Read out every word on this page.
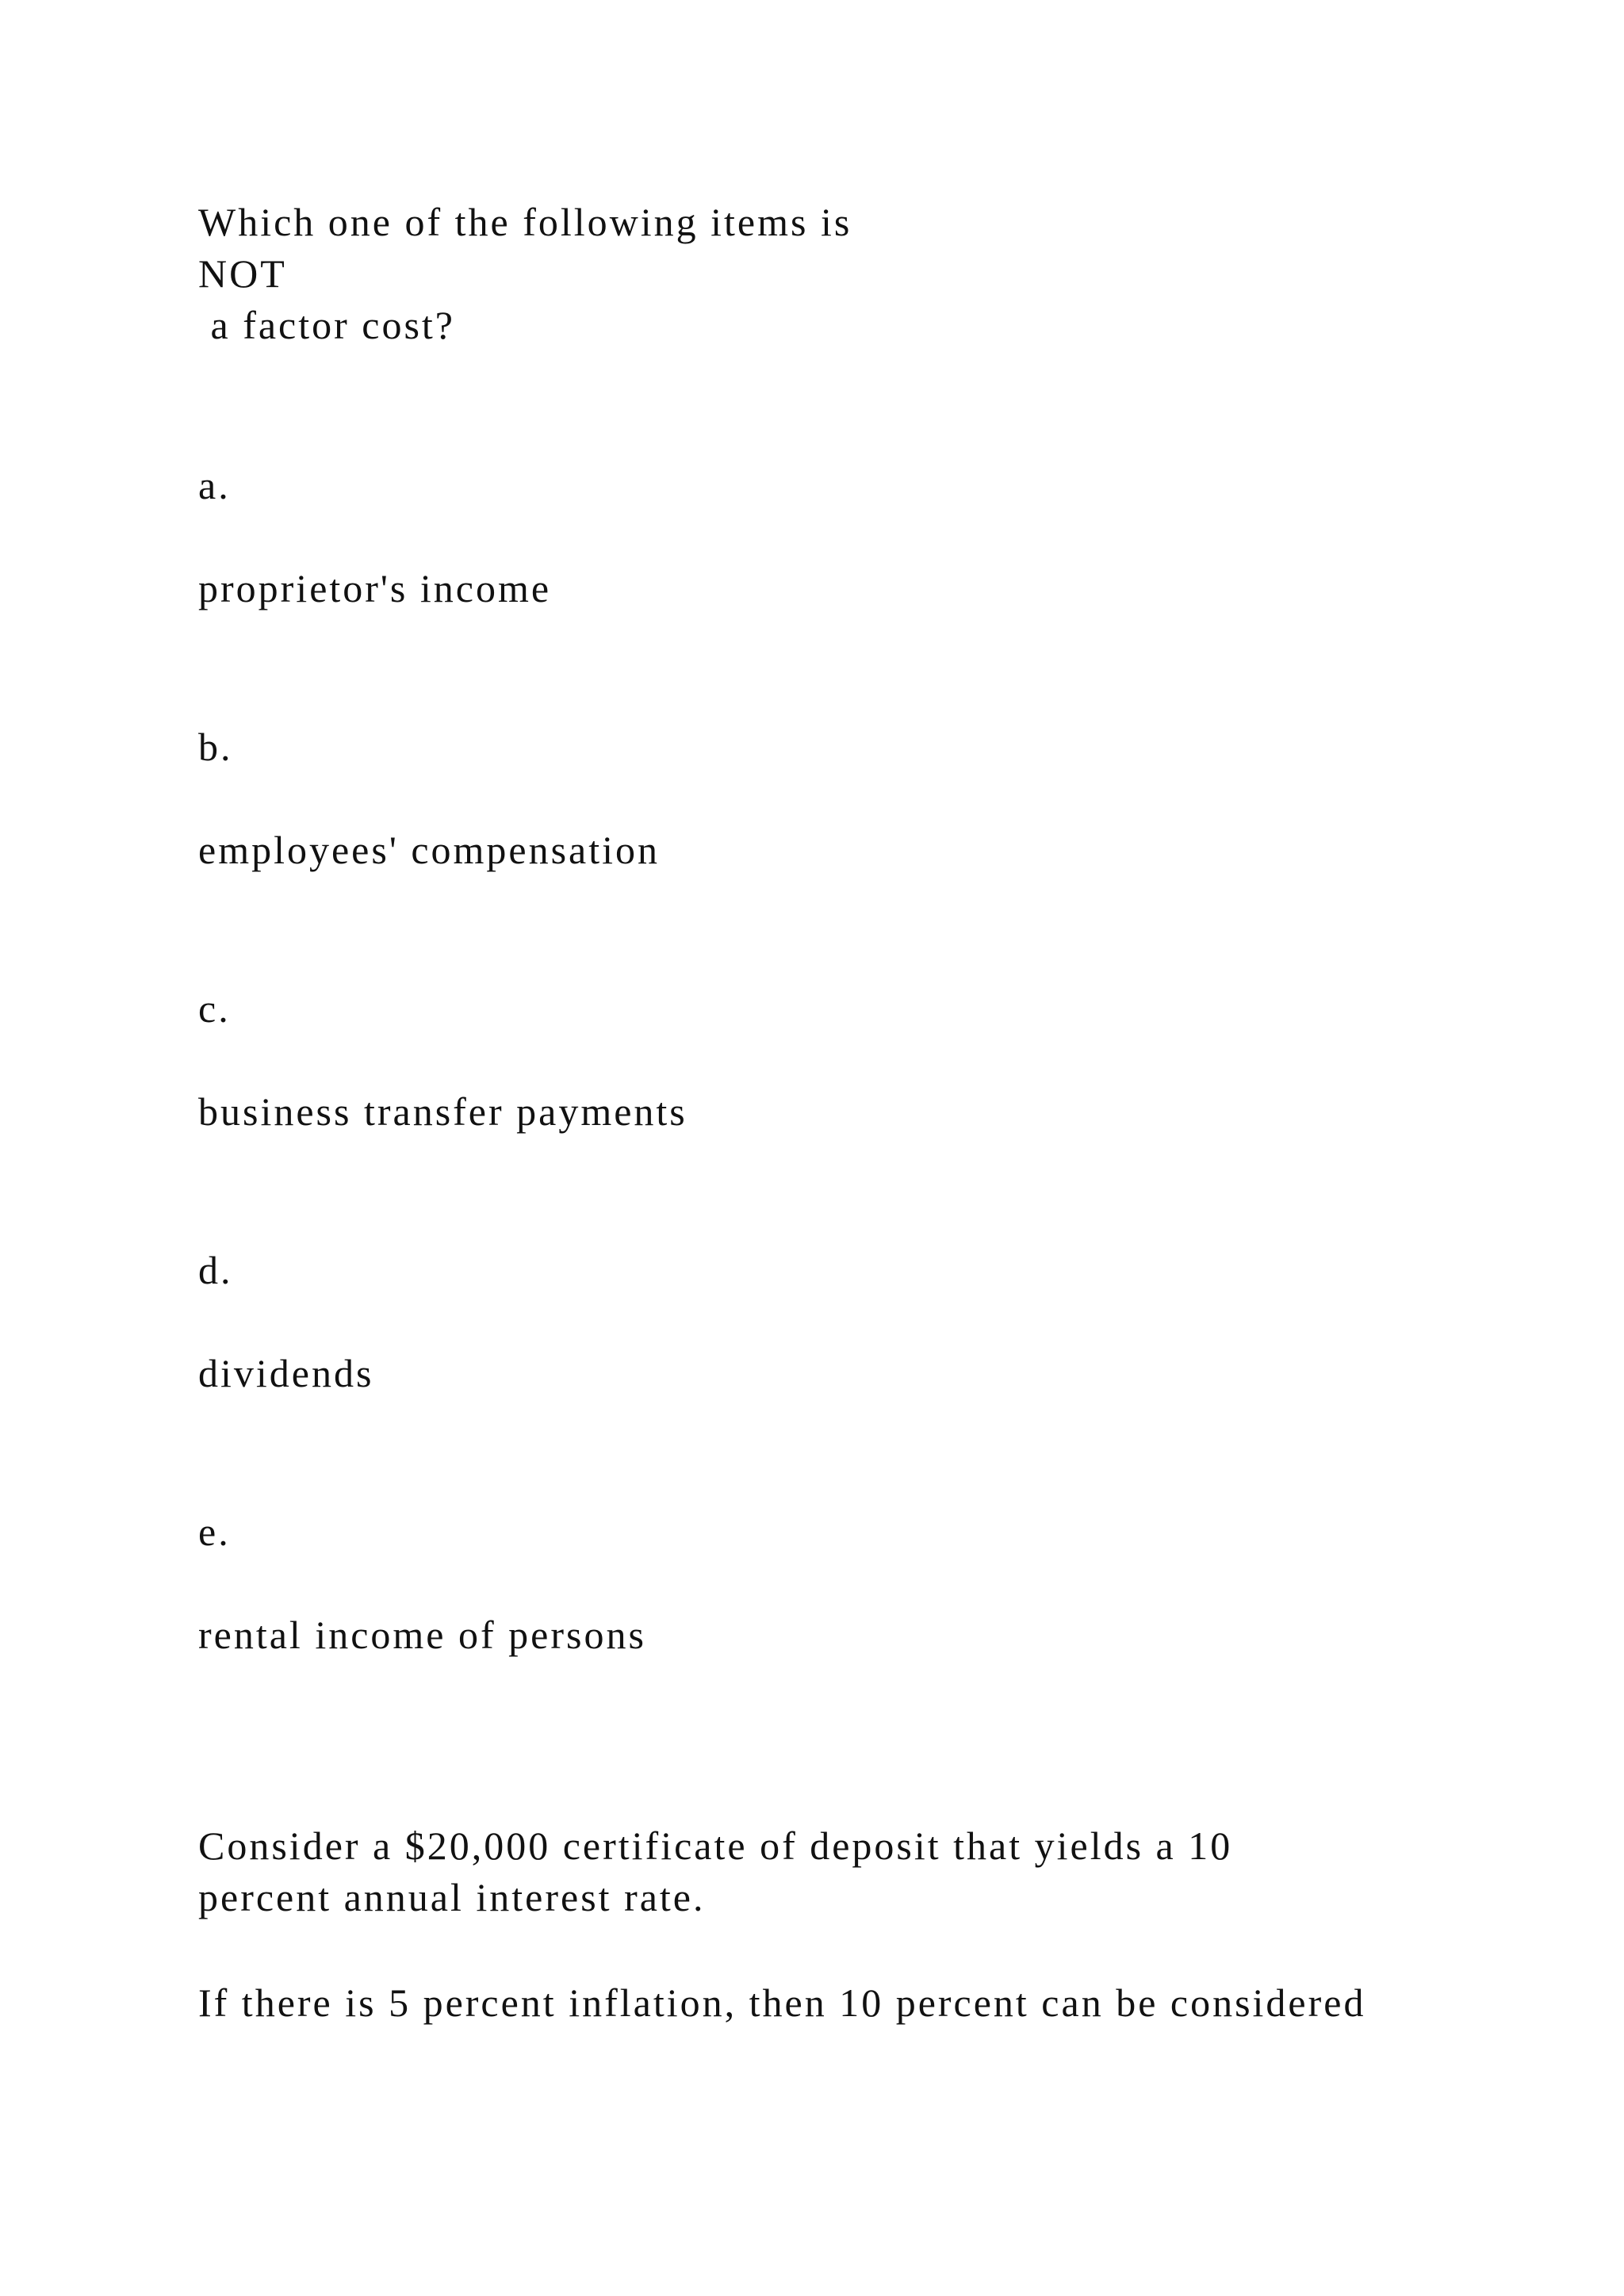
Which one of the following items is

NOT

a factor cost?

a.

proprietor's income

b.

employees' compensation

c.

business transfer payments

d.

dividends

e.

rental income of persons

Consider a $20,000 certificate of deposit that yields a 10

percent annual interest rate.

If there is 5 percent inflation, then 10 percent can be considered
